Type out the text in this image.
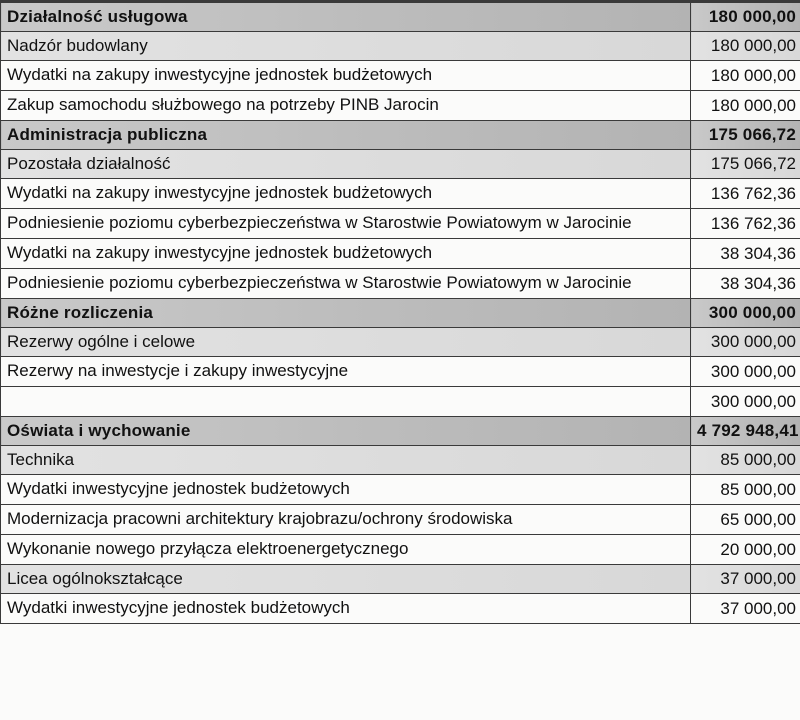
Działalność usługowa	180 000,00
Nadzór budowlany	180 000,00
Wydatki na zakupy inwestycyjne jednostek budżetowych	180 000,00
Zakup samochodu służbowego na potrzeby PINB Jarocin	180 000,00
Administracja publiczna	175 066,72
Pozostała działalność	175 066,72
Wydatki na zakupy inwestycyjne jednostek budżetowych	136 762,36
Podniesienie poziomu cyberbezpieczeństwa w Starostwie Powiatowym w Jarocinie	136 762,36
Wydatki na zakupy inwestycyjne jednostek budżetowych	38 304,36
Podniesienie poziomu cyberbezpieczeństwa w Starostwie Powiatowym w Jarocinie	38 304,36
Różne rozliczenia	300 000,00
Rezerwy ogólne i celowe	300 000,00
Rezerwy na inwestycje i zakupy inwestycyjne	300 000,00
	300 000,00
Oświata i wychowanie	4 792 948,41
Technika	85 000,00
Wydatki inwestycyjne jednostek budżetowych	85 000,00
Modernizacja pracowni architektury krajobrazu/ochrony środowiska	65 000,00
Wykonanie nowego przyłącza elektroenergetycznego	20 000,00
Licea ogólnokształcące	37 000,00
Wydatki inwestycyjne jednostek budżetowych	37 000,00
